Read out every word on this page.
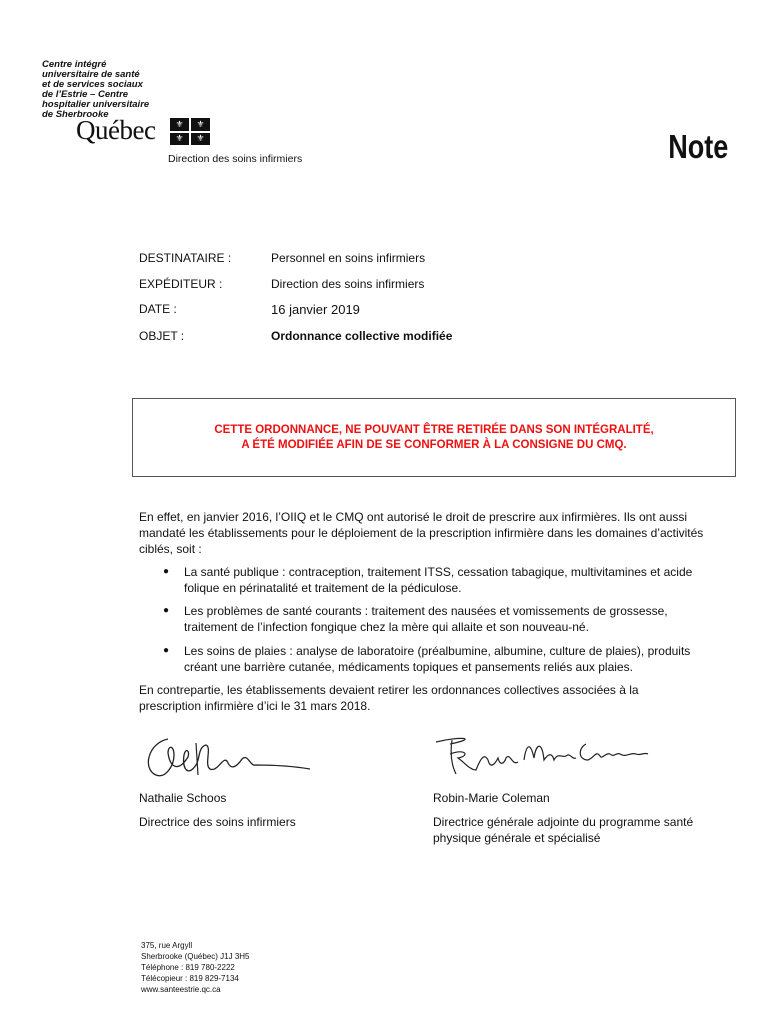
Centre intégré
universitaire de santé
et de services sociaux
de l’Estrie – Centre
hospitalier universitaire
de Sherbrooke
Québec	⚜	⚜
⚜	⚜
Direction des soins infirmiers	Note
DESTINATAIRE :	Personnel en soins infirmiers
EXPÉDITEUR :	Direction des soins infirmiers
DATE :	16 janvier 2019
OBJET :	Ordonnance collective modifiée
CETTE ORDONNANCE, NE POUVANT ÊTRE RETIRÉE DANS SON INTÉGRALITÉ,
A ÉTÉ MODIFIÉE AFIN DE SE CONFORMER À LA CONSIGNE DU CMQ.
En effet, en janvier 2016, l’OIIQ et le CMQ ont autorisé le droit de prescrire aux infirmières. Ils ont aussi mandaté les établissements pour le déploiement de la prescription infirmière dans les domaines d’activités ciblés, soit :
● La santé publique : contraception, traitement ITSS, cessation tabagique, multivitamines et acide folique en périnatalité et traitement de la pédiculose.
● Les problèmes de santé courants : traitement des nausées et vomissements de grossesse, traitement de l’infection fongique chez la mère qui allaite et son nouveau-né.
● Les soins de plaies : analyse de laboratoire (préalbumine, albumine, culture de plaies), produits créant une barrière cutanée, médicaments topiques et pansements reliés aux plaies.
En contrepartie, les établissements devaient retirer les ordonnances collectives associées à la prescription infirmière d’ici le 31 mars 2018.
Nathalie Schoos
Directrice des soins infirmiers
Robin-Marie Coleman
Directrice générale adjointe du programme santé
physique générale et spécialisé
375, rue Argyll
Sherbrooke (Québec) J1J 3H5
Téléphone : 819 780-2222
Télécopieur : 819 829-7134
www.santeestrie.qc.ca
